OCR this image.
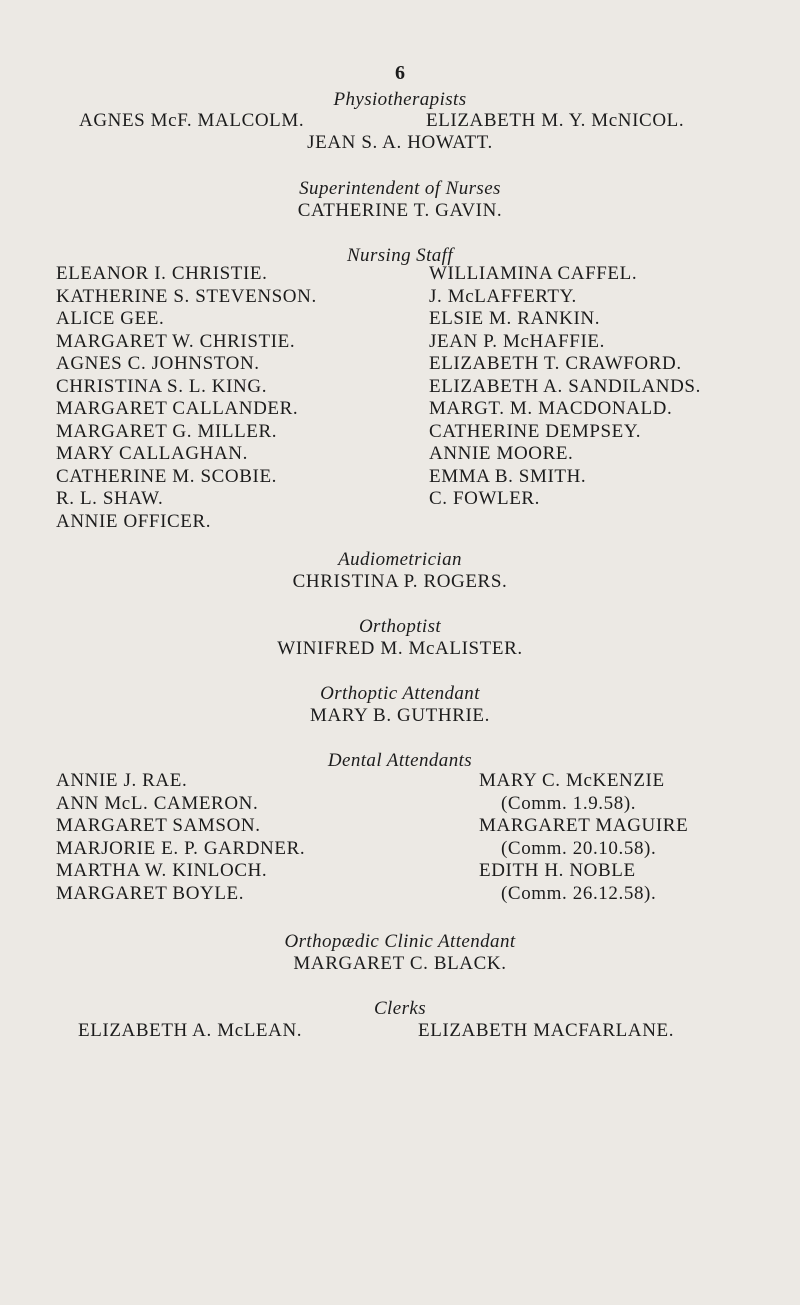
6
Physiotherapists
AGNES McF. MALCOLM.	ELIZABETH M. Y. McNICOL.
JEAN S. A. HOWATT.
Superintendent of Nurses
CATHERINE T. GAVIN.
Nursing Staff
ELEANOR I. CHRISTIE.
KATHERINE S. STEVENSON.
ALICE GEE.
MARGARET W. CHRISTIE.
AGNES C. JOHNSTON.
CHRISTINA S. L. KING.
MARGARET CALLANDER.
MARGARET G. MILLER.
MARY CALLAGHAN.
CATHERINE M. SCOBIE.
R. L. SHAW.
ANNIE OFFICER.
WILLIAMINA CAFFEL.
J. McLAFFERTY.
ELSIE M. RANKIN.
JEAN P. McHAFFIE.
ELIZABETH T. CRAWFORD.
ELIZABETH A. SANDILANDS.
MARGT. M. MACDONALD.
CATHERINE DEMPSEY.
ANNIE MOORE.
EMMA B. SMITH.
C. FOWLER.
Audiometrician
CHRISTINA P. ROGERS.
Orthoptist
WINIFRED M. McALISTER.
Orthoptic Attendant
MARY B. GUTHRIE.
Dental Attendants
ANNIE J. RAE.
ANN McL. CAMERON.
MARGARET SAMSON.
MARJORIE E. P. GARDNER.
MARTHA W. KINLOCH.
MARGARET BOYLE.
MARY C. McKENZIE
(Comm. 1.9.58).
MARGARET MAGUIRE
(Comm. 20.10.58).
EDITH H. NOBLE
(Comm. 26.12.58).
Orthopædic Clinic Attendant
MARGARET C. BLACK.
Clerks
ELIZABETH A. McLEAN.	ELIZABETH MACFARLANE.
